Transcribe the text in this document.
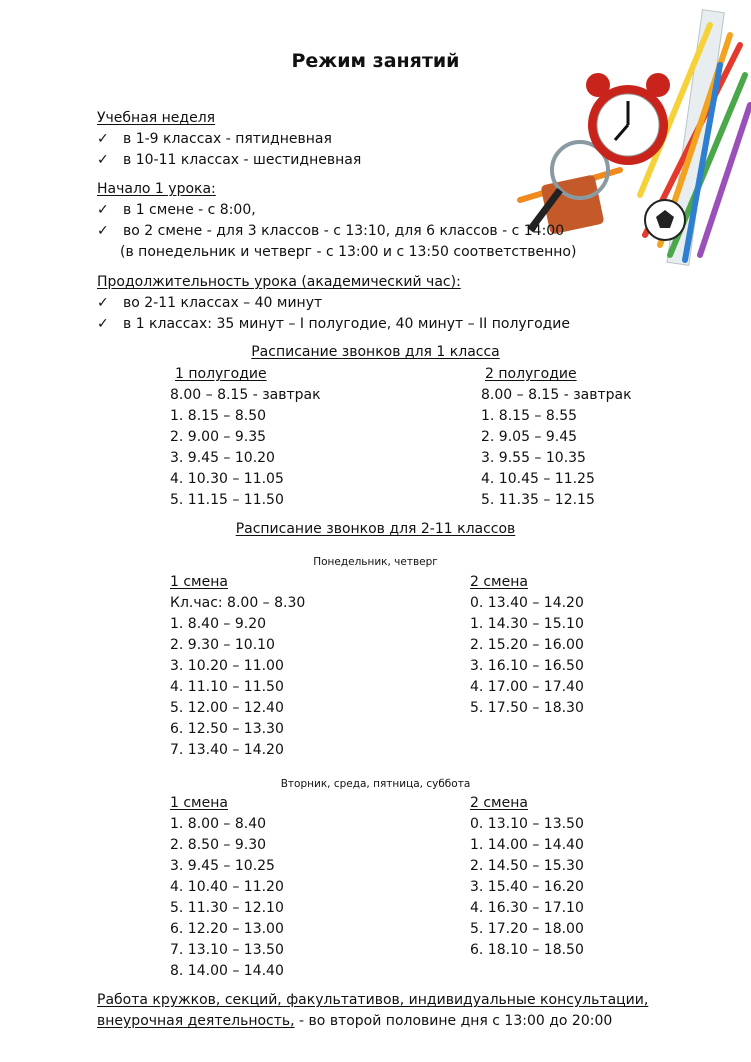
Режим занятий
Учебная неделя
✓ в 1-9 классах - пятидневная
✓ в 10-11 классах - шестидневная
Начало 1 урока:
✓ в 1 смене - с 8:00,
✓ во 2 смене - для 3 классов - с 13:10, для 6 классов - с 14:00
(в понедельник и четверг - с 13:00 и с 13:50 соответственно)
Продолжительность урока (академический час):
✓ во 2-11 классах – 40 минут
✓ в 1 классах: 35 минут – I полугодие, 40 минут – II полугодие
Расписание звонков для 1 класса
1 полугодие
8.00 – 8.15 - завтрак
1. 8.15 – 8.50
2. 9.00 – 9.35
3. 9.45 – 10.20
4. 10.30 – 11.05
5. 11.15 – 11.50
2 полугодие
8.00 – 8.15 - завтрак
1. 8.15 – 8.55
2. 9.05 – 9.45
3. 9.55 – 10.35
4. 10.45 – 11.25
5. 11.35 – 12.15
Расписание звонков для 2-11 классов
Понедельник, четверг
1 смена
Кл.час: 8.00 – 8.30
1. 8.40 – 9.20
2. 9.30 – 10.10
3. 10.20 – 11.00
4. 11.10 – 11.50
5. 12.00 – 12.40
6. 12.50 – 13.30
7. 13.40 – 14.20
2 смена
0. 13.40 – 14.20
1. 14.30 – 15.10
2. 15.20 – 16.00
3. 16.10 – 16.50
4. 17.00 – 17.40
5. 17.50 – 18.30
Вторник, среда, пятница, суббота
1 смена
1. 8.00 – 8.40
2. 8.50 – 9.30
3. 9.45 – 10.25
4. 10.40 – 11.20
5. 11.30 – 12.10
6. 12.20 – 13.00
7. 13.10 – 13.50
8. 14.00 – 14.40
2 смена
0. 13.10 – 13.50
1. 14.00 – 14.40
2. 14.50 – 15.30
3. 15.40 – 16.20
4. 16.30 – 17.10
5. 17.20 – 18.00
6. 18.10 – 18.50
Работа кружков, секций, факультативов, индивидуальные консультации,
внеурочная деятельность, - во второй половине дня с 13:00 до 20:00
